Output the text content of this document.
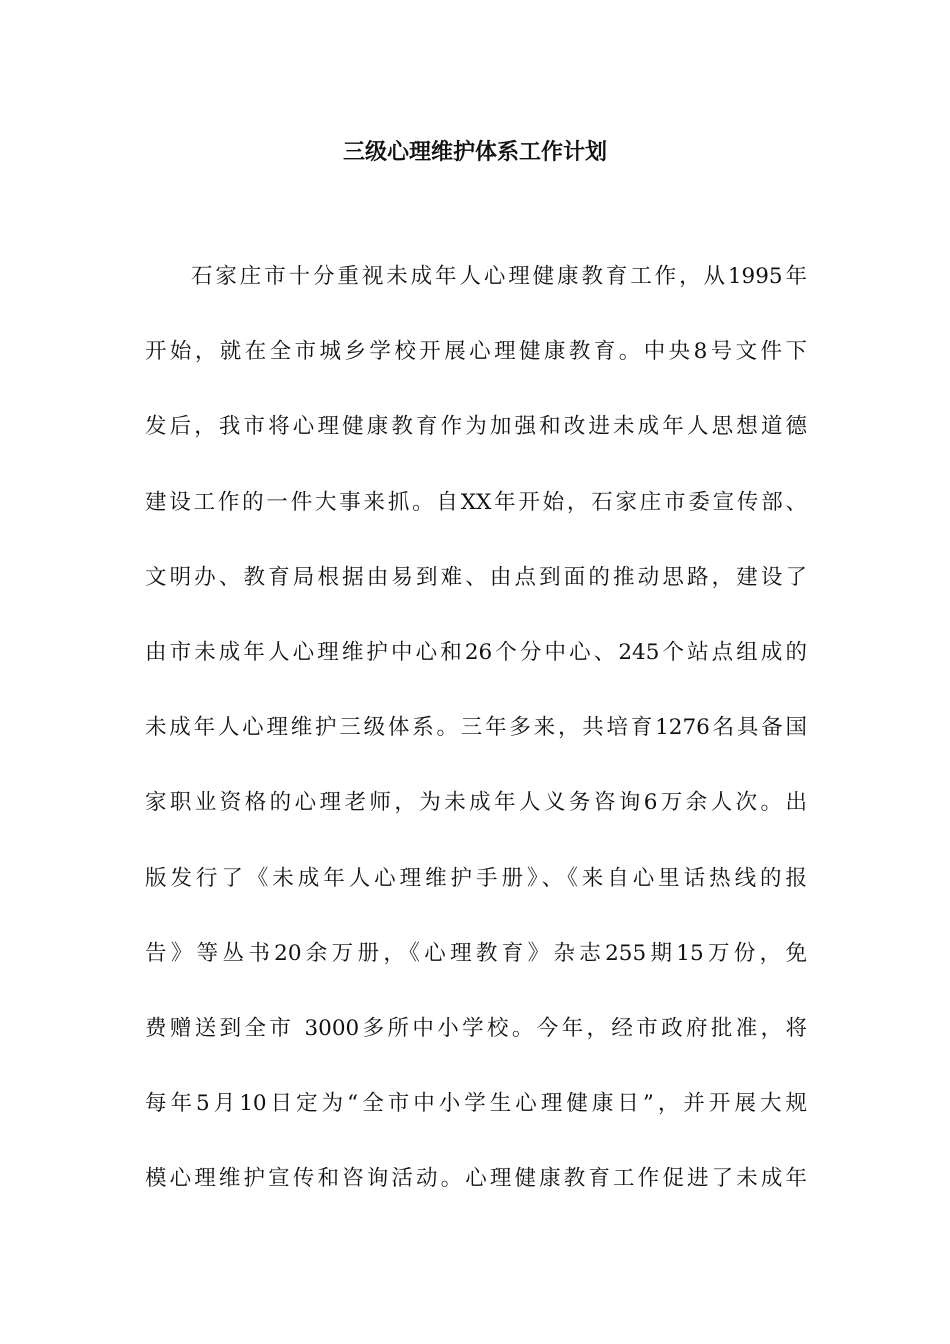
三级心理维护体系工作计划
石家庄市十分重视未成年人心理健康教育工作，从1995年
开始，就在全市城乡学校开展心理健康教育。中央8号文件下
发后，我市将心理健康教育作为加强和改进未成年人思想道德
建设工作的一件大事来抓。自XX年开始，石家庄市委宣传部、
文明办、教育局根据由易到难、由点到面的推动思路，建设了
由市未成年人心理维护中心和26个分中心、245个站点组成的
未成年人心理维护三级体系。三年多来，共培育1276名具备国
家职业资格的心理老师，为未成年人义务咨询6万余人次。出
版发行了《未成年人心理维护手册》、《来自心里话热线的报
告》等丛书20余万册，《心理教育》杂志255期15万份，免
费赠送到全市 3000多所中小学校。今年，经市政府批准，将
每年5月10日定为“全市中小学生心理健康日”，并开展大规
模心理维护宣传和咨询活动。心理健康教育工作促进了未成年
